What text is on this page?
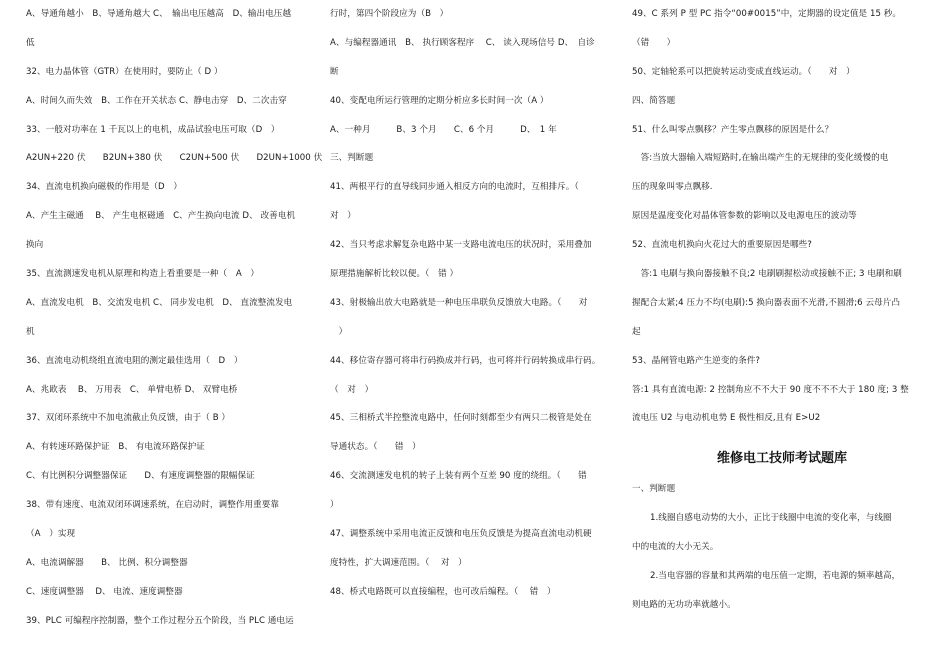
A、导通角越小　B、导通角越大 C、　输出电压越高　D、输出电压越
低
32、电力晶体管（GTR）在使用时，要防止（ D ）
A、时间久而失效　B、工作在开关状态 C、静电击穿　D、二次击穿
33、一般对功率在 1 千瓦以上的电机，成品试验电压可取（D　）
A2UN+220 伏　　B2UN+380 伏　　C2UN+500 伏　　D2UN+1000 伏
34、直流电机换向磁极的作用是（D　）
A、产生主磁通　 B、 产生电枢磁通　C、产生换向电流 D、 改善电机
换向
35、直流测速发电机从原理和构造上看重要是一种（　A　）
A、直流发电机　B、交流发电机 C、 同步发电机　D、 直流整流发电
机
36、直流电动机绕组直流电阻的测定最佳选用（　D　）
A、兆欧表　 B、 万用表　C、 单臂电桥 D、 双臂电桥
37、双闭环系统中不加电流截止负反馈，由于（ B ）
A、有转速环路保护证　B、 有电流环路保护证
C、有比例积分调整器保证　　D、有速度调整器的限幅保证
38、带有速度、电流双闭环调速系统，在启动时，调整作用重要靠
（A　）实现
A、电流调解器　　B、 比例、积分调整器
C、速度调整器　 D、 电流、速度调整器
39、PLC 可编程序控制器，整个工作过程分五个阶段，当 PLC 通电运
行时，第四个阶段应为（B　）
A、与编程器通讯　B、 执行顾客程序　 C、 读入现场信号 D、　自诊
断
40、变配电所运行管理的定期分析应多长时间一次（A ）
A、一种月　　　B、3 个月　　C、6 个月　　　D、　1 年
三、判断题
41、两根平行的直导线同步通入相反方向的电流时，互相排斥。（
对　）
42、当只考虑求解复杂电路中某一支路电流电压的状况时，采用叠加
原理措施解析比较以便。（　错 ）
43、射极输出放大电路就是一种电压串联负反馈放大电路。（　　对
　）
44、移位寄存器可将串行码换成并行码，也可将并行码转换成串行码。
（　对　）
45、三相桥式半控整流电路中，任何时刻都至少有两只二极管是处在
导通状态。（　　错　）
46、交流测速发电机的转子上装有两个互差 90 度的绕组。（　　错
）
47、调整系统中采用电流正反馈和电压负反馈是为提高直流电动机硬
度特性，扩大调速范围。（　 对　）
48、桥式电路既可以直接编程，也可改后编程。（　 错　）
49、C 系列 P 型 PC 指令“00#0015”中，定期器的设定值是 15 秒。
（错　　）
50、定轴轮系可以把旋转运动变成直线运动。（　　对　）
四、简答题
51、什么叫零点飘移？产生零点飘移的原因是什么？
　答:当放大器输入端短路时,在输出端产生的无规律的变化缓慢的电
压的现象叫零点飘移.
原因是温度变化对晶体管参数的影响以及电源电压的波动等
52、直流电机换向火花过大的重要原因是哪些?
　答:1 电刷与换向器接触不良;2 电刷刷握松动或接触不正; 3 电刷和刷
握配合太紧;4 压力不均(电刷):5 换向器表面不光滑,不圆滑;6 云母片凸
起
53、晶闸管电路产生逆变的条件?
答:1 具有直流电源: 2 控制角应不不大于 90 度不不不大于 180 度; 3 整
流电压 U2 与电动机电势 E 极性相反,且有 E>U2
维修电工技师考试题库
一、判断题
1.线圈自感电动势的大小，正比于线圈中电流的变化率，与线圈
中的电流的大小无关。
2.当电容器的容量和其两端的电压值一定期，若电源的频率越高，
则电路的无功功率就越小。
